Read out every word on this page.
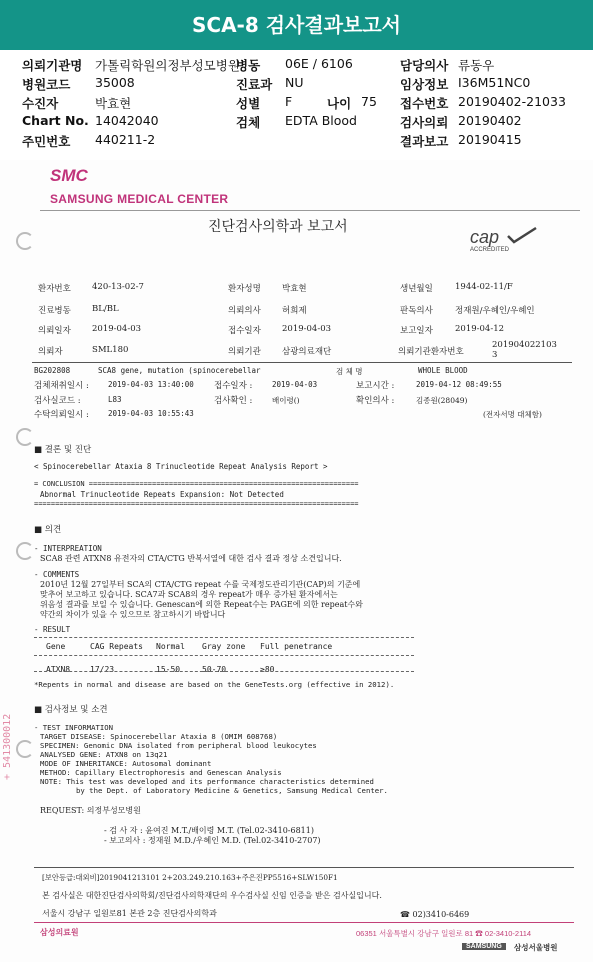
SCA-8 검사결과보고서
의뢰기관명 가톨릭학원의정부성모병원
병동 06E / 6106	담당의사 류동우
병원코드 35008	진료과 NU	임상정보 I36M51NC0
수진자	박효현	성별 F	나이 75 접수번호 20190402-21033
Chart No. 14042040	검체 EDTA Blood	검사의뢰 20190402
주민번호 440211-2	결과보고 20190415
SMC
SAMSUNG MEDICAL CENTER
진단검사의학과 보고서	cap
ACCREDITED
환자번호 420-13-02-7	환자성명 박효현	생년월일	1944-02-11/F
진료병동 BL/BL	의뢰의사 허희제	판독의사	정재원/우혜인/우혜인
의뢰일자 2019-04-03	접수일자 2019-04-03	보고일자	2019-04-12
의뢰자	SML180	의뢰기관 삼광의료재단	의뢰기관환자번호
201904022103 3
BG202808	SCA8 gene, mutation (spinocerebellar	검 체 명	WHOLE BLOOD
검체채취일시 :	2019-04-03 13:40:00 접수일자 :	2019-04-03	보고시간 :	2019-04-12 08:49:55
검사실코드 :	L83	검사확인 :	배이령()	확인의사 :	김종원(28049)
수탁의뢰일시 :	2019-04-03 10:55:43	(전자서명 대체함)
■ 결론 및 진단
< Spinocerebellar Ataxia 8 Trinucleotide Repeat Analysis Report >
= CONCLUSION ================================================================
Abnormal Trinucleotide Repeats Expansion: Not Detected
=============================================================================
■ 의견
- INTERPREATION
SCA8 관련 ATXN8 유전자의 CTA/CTG 반복서열에 대한 검사 결과 정상 소견입니다.
- COMMENTS
2010년 12월 27일부터 SCA의 CTA/CTG repeat 수를 국제정도관리기관(CAP)의 기준에
맞추어 보고하고 있습니다. SCA7과 SCA8의 경우 repeat가 매우 증가된 환자에서는
위음성 결과를 보일 수 있습니다. Genescan에 의한 Repeat수는 PAGE에 의한 repeat수와
약간의 차이가 있을 수 있으므로 참고하시기 바랍니다
- RESULT
Gene	CAG Repeats	Normal	Gray zone	Full penetrance

ATXN8	17/23	15-50	50-70	≥80
*Repents in normal and disease are based on the GeneTests.org (effective in 2012).
■ 검사정보 및 소견
- TEST INFORMATION
TARGET DISEASE: Spinocerebellar Ataxia 8 (OMIM 608768)
SPECIMEN: Genomic DNA isolated from peripheral blood leukocytes
ANALYSED GENE: ATXN8 on 13q21
MODE OF INHERITANCE: Autosomal dominant
METHOD: Capillary Electrophoresis and Genescan Analysis
NOTE: This test was developed and its performance characteristics determined
by the Dept. of Laboratory Medicine & Genetics, Samsung Medical Center.
REQUEST: 의정부성모병원
- 검 사 자 : 윤여진 M.T./배이령 M.T. (Tel.02-3410-6811)
- 보고의사 : 정재원 M.D./우혜인 M.D. (Tel.02-3410-2707)
+ 541300012
[보안등급:대외비]2019041213101 2+203.249.210.163+주은진PP5516+SLW150F1
본 검사실은 대한진단검사의학회/진단검사의학재단의 우수검사실 신임 인증을 받은 검사실입니다.
서울시 강남구 일원로81 본관 2층 진단검사의학과	☎ 02)3410-6469
삼성의료원	06351 서울특별시 강남구 일원로 81 ☎ 02-3410-2114
SAMSUNG	삼성서울병원
